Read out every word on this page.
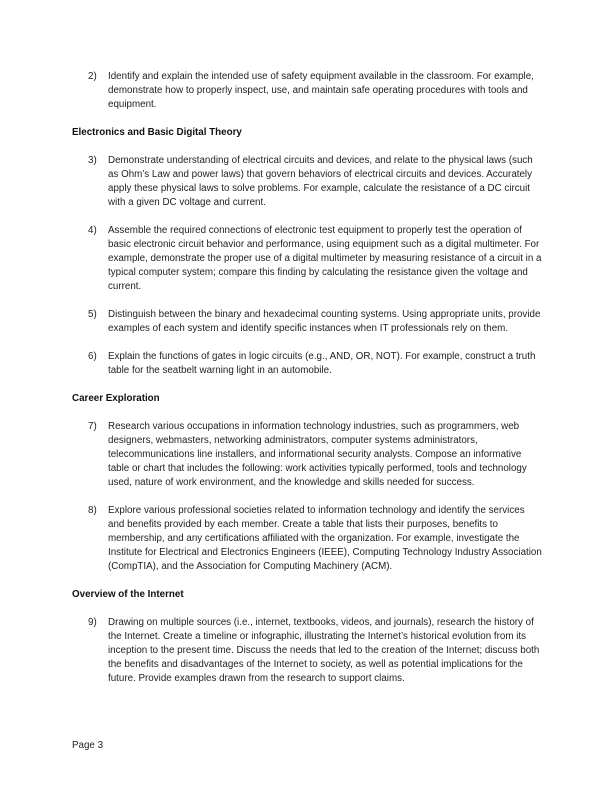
2)	Identify and explain the intended use of safety equipment available in the classroom. For example, demonstrate how to properly inspect, use, and maintain safe operating procedures with tools and equipment.
Electronics and Basic Digital Theory
3)	Demonstrate understanding of electrical circuits and devices, and relate to the physical laws (such as Ohm’s Law and power laws) that govern behaviors of electrical circuits and devices. Accurately apply these physical laws to solve problems. For example, calculate the resistance of a DC circuit with a given DC voltage and current.
4)	Assemble the required connections of electronic test equipment to properly test the operation of basic electronic circuit behavior and performance, using equipment such as a digital multimeter. For example, demonstrate the proper use of a digital multimeter by measuring resistance of a circuit in a typical computer system; compare this finding by calculating the resistance given the voltage and current.
5)	Distinguish between the binary and hexadecimal counting systems. Using appropriate units, provide examples of each system and identify specific instances when IT professionals rely on them.
6)	Explain the functions of gates in logic circuits (e.g., AND, OR, NOT). For example, construct a truth table for the seatbelt warning light in an automobile.
Career Exploration
7)	Research various occupations in information technology industries, such as programmers, web designers, webmasters, networking administrators, computer systems administrators, telecommunications line installers, and informational security analysts. Compose an informative table or chart that includes the following: work activities typically performed, tools and technology used, nature of work environment, and the knowledge and skills needed for success.
8)	Explore various professional societies related to information technology and identify the services and benefits provided by each member. Create a table that lists their purposes, benefits to membership, and any certifications affiliated with the organization. For example, investigate the Institute for Electrical and Electronics Engineers (IEEE), Computing Technology Industry Association (CompTIA), and the Association for Computing Machinery (ACM).
Overview of the Internet
9)	Drawing on multiple sources (i.e., internet, textbooks, videos, and journals), research the history of the Internet. Create a timeline or infographic, illustrating the Internet’s historical evolution from its inception to the present time. Discuss the needs that led to the creation of the Internet; discuss both the benefits and disadvantages of the Internet to society, as well as potential implications for the future. Provide examples drawn from the research to support claims.
Page 3
